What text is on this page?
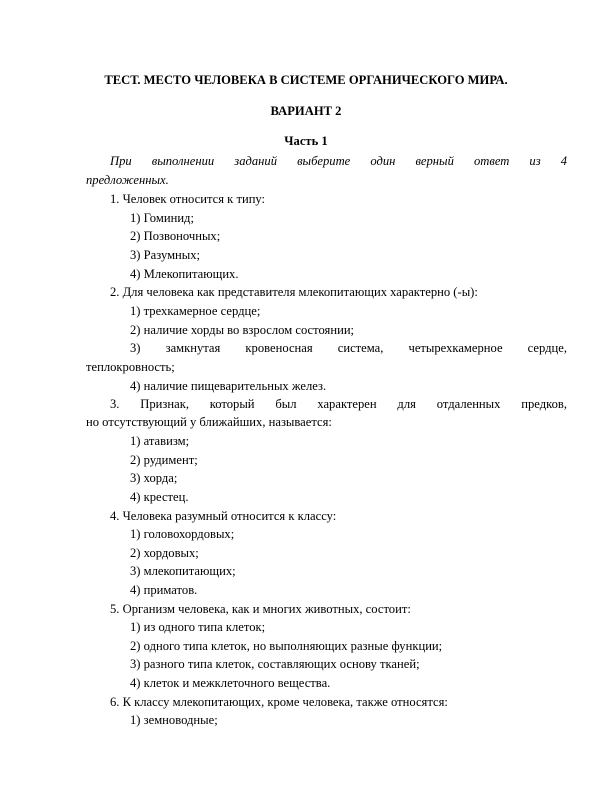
ТЕСТ. МЕСТО ЧЕЛОВЕКА В СИСТЕМЕ ОРГАНИЧЕСКОГО МИРА.
ВАРИАНТ 2
Часть 1
При выполнении заданий выберите один верный ответ из 4
предложенных.
1. Человек относится к типу:
1) Гоминид;
2) Позвоночных;
3) Разумных;
4) Млекопитающих.
2. Для человека как представителя млекопитающих характерно (-ы):
1) трехкамерное сердце;
2) наличие хорды во взрослом состоянии;
3) замкнутая кровеносная система, четырехкамерное сердце,
теплокровность;
4) наличие пищеварительных желез.
3. Признак, который был характерен для отдаленных предков,
но отсутствующий у ближайших, называется:
1) атавизм;
2) рудимент;
3) хорда;
4) крестец.
4. Человека разумный относится к классу:
1) головохордовых;
2) хордовых;
3) млекопитающих;
4) приматов.
5. Организм человека, как и многих животных, состоит:
1) из одного типа клеток;
2) одного типа клеток, но выполняющих разные функции;
3) разного типа клеток, составляющих основу тканей;
4) клеток и межклеточного вещества.
6. К классу млекопитающих, кроме человека, также относятся:
1) земноводные;
